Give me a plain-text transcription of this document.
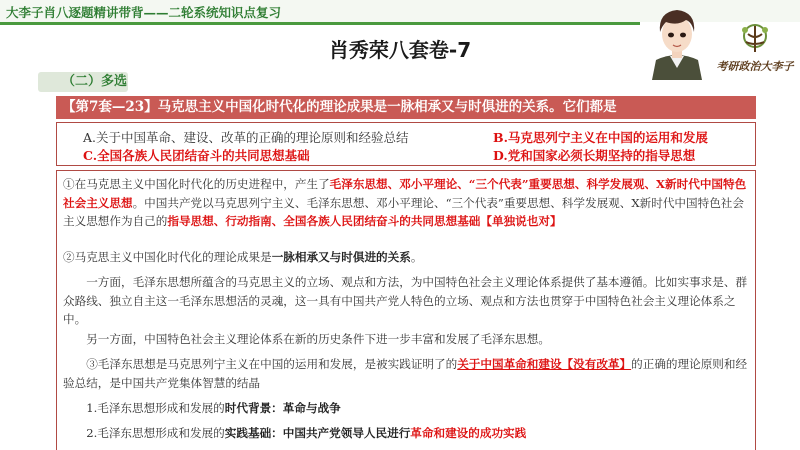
大李子肖八逐题精讲带背——二轮系统知识点复习
肖秀荣八套卷-7
考研政治大李子
（二）多选
【第7套—23】马克思主义中国化时代化的理论成果是一脉相承又与时俱进的关系。它们都是
A.关于中国革命、建设、改革的正确的理论原则和经验总结	B.马克思列宁主义在中国的运用和发展
C.全国各族人民团结奋斗的共同思想基础	D.党和国家必须长期坚持的指导思想
①在马克思主义中国化时代化的历史进程中，产生了毛泽东思想、邓小平理论、“三个代表”重要思想、科学发展观、X新时代中国特色社会主义思想。中国共产党以马克思列宁主义、毛泽东思想、邓小平理论、“三个代表”重要思想、科学发展观、X新时代中国特色社会主义思想作为自己的指导思想、行动指南、全国各族人民团结奋斗的共同思想基础【单独说也对】
②马克思主义中国化时代化的理论成果是一脉相承又与时俱进的关系。
一方面，毛泽东思想所蕴含的马克思主义的立场、观点和方法，为中国特色社会主义理论体系提供了基本遵循。比如实事求是、群众路线、独立自主这一毛泽东思想活的灵魂，这一具有中国共产党人特色的立场、观点和方法也贯穿于中国特色社会主义理论体系之中。
另一方面，中国特色社会主义理论体系在新的历史条件下进一步丰富和发展了毛泽东思想。
③毛泽东思想是马克思列宁主义在中国的运用和发展，是被实践证明了的关于中国革命和建设【没有改革】的正确的理论原则和经验总结，是中国共产党集体智慧的结晶
1.毛泽东思想形成和发展的时代背景：革命与战争
2.毛泽东思想形成和发展的实践基础：中国共产党领导人民进行革命和建设的成功实践
